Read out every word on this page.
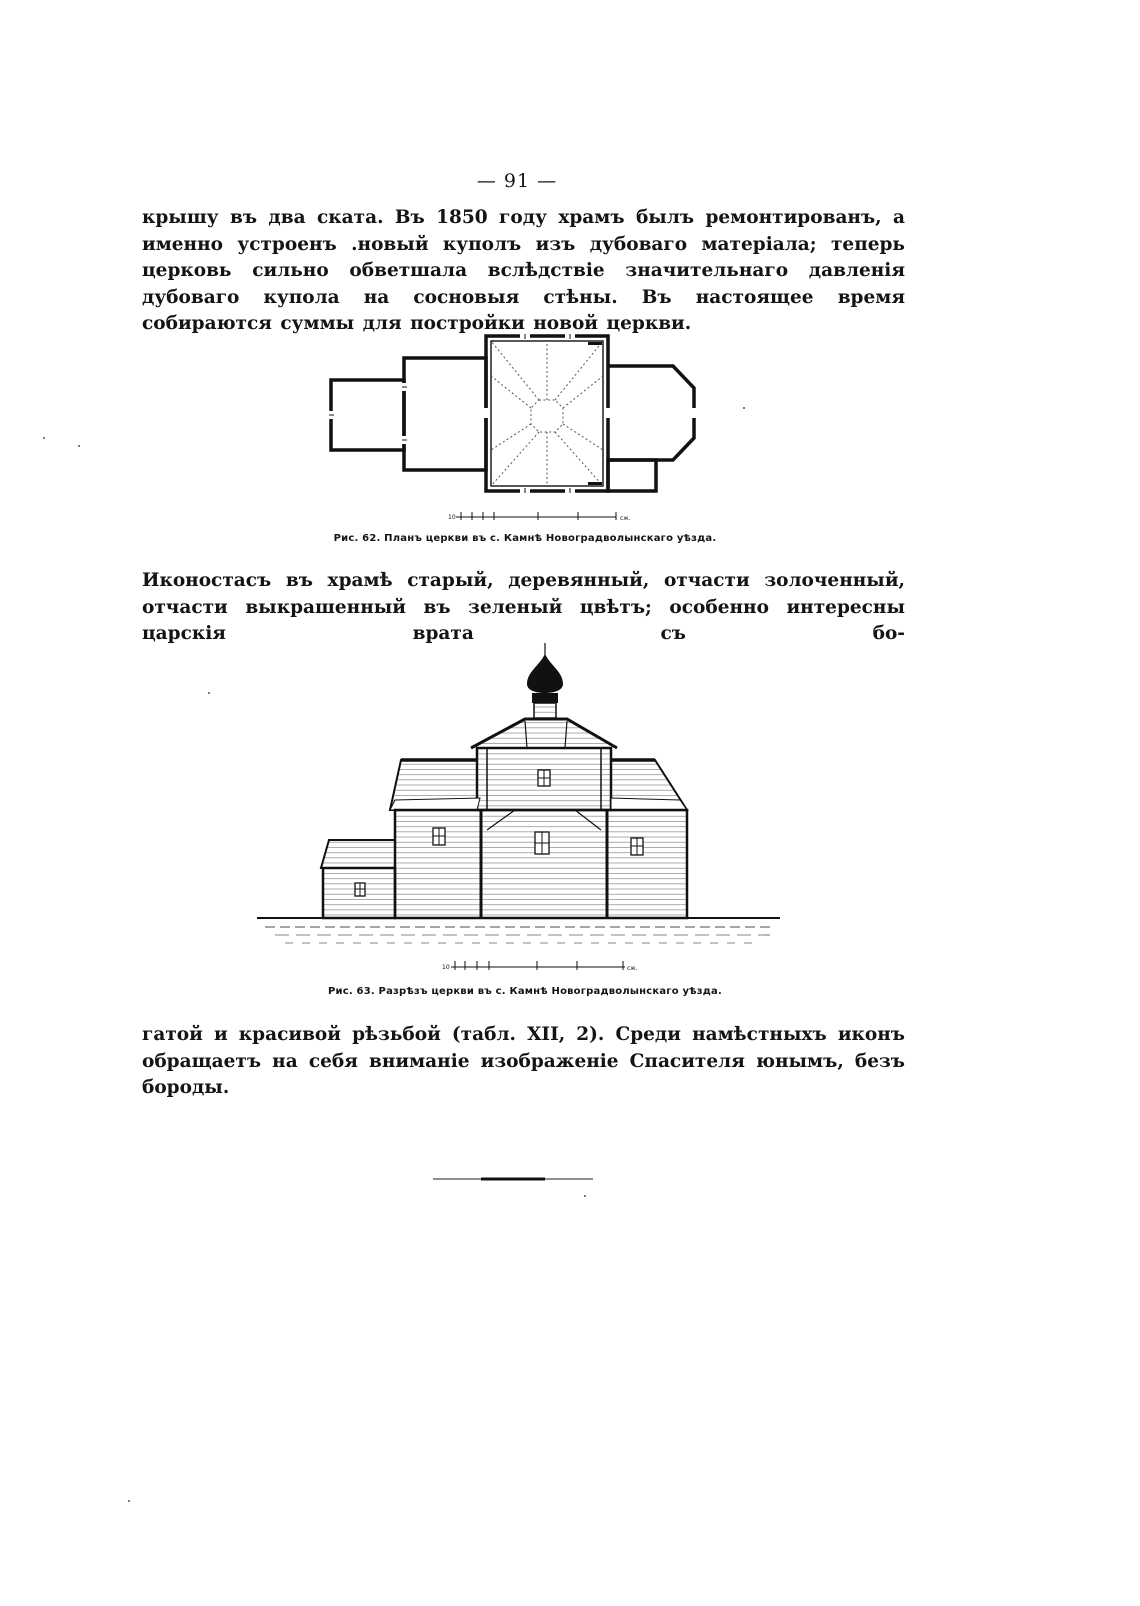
— 91 —

крышу въ два ската. Въ 1850 году храмъ былъ ремонтированъ, а именно устроенъ .новый куполъ изъ дубоваго матеріала; теперь церковь сильно обветшала вслѣдствіе значительнаго давленія дубоваго купола на сосновыя стѣны. Въ настоящее время собираются суммы для постройки новой церкви.

10	сж.
Рис. 62. Планъ церкви въ с. Камнѣ Новоградволынскаго уѣзда.

Иконостасъ въ храмѣ старый, деревянный, отчасти золоченный, отчасти выкрашенный въ зеленый цвѣтъ; особенно интересны царскія врата съ бо-

10	сж.
Рис. 63. Разрѣзъ церкви въ с. Камнѣ Новоградволынскаго уѣзда.

гатой и красивой рѣзьбой (табл. XII, 2). Среди намѣстныхъ иконъ обращаетъ на себя вниманіе изображеніе Спасителя юнымъ, безъ бороды.
